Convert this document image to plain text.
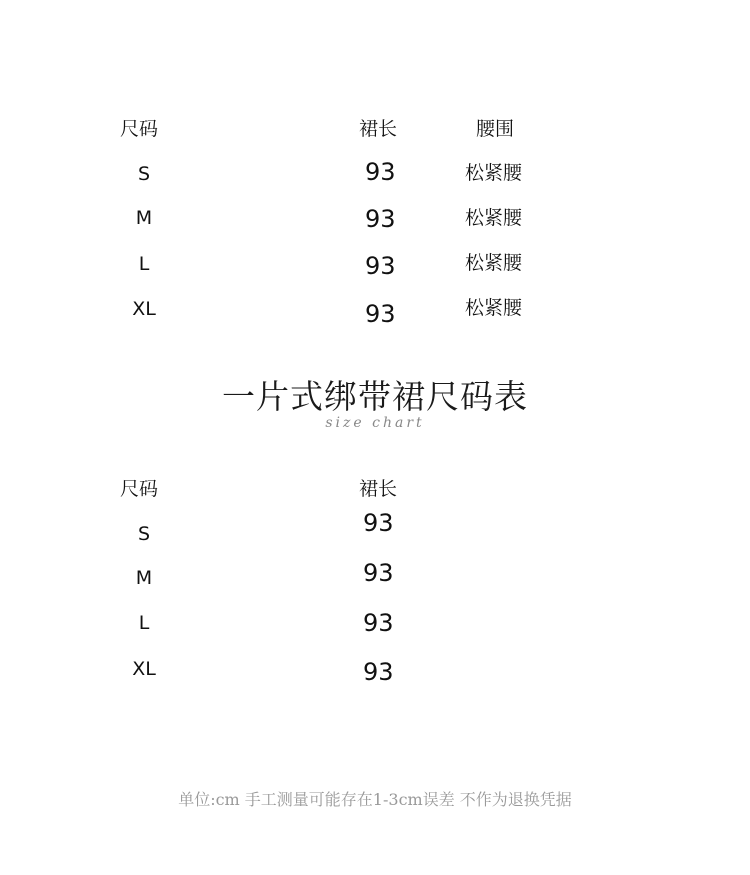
尺码	裙长	腰围
S	93	松紧腰
M	93	松紧腰
L	93	松紧腰
XL	93	松紧腰
一片式绑带裙尺码表
size chart
尺码	裙长
S	93
M	93
L	93
XL	93
单位:cm 手工测量可能存在1-3cm误差 不作为退换凭据
